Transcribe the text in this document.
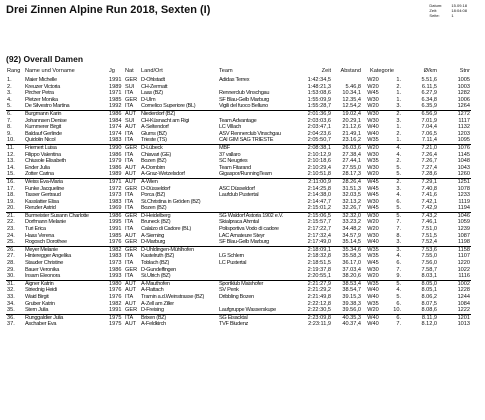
Drei Zinnen Alpine Run 2018, Sexten (I)	Datum:	15.09.18
Zeit:	18:04:08
Seite:	1
(92) Overall Damen
Rang	Name und Vorname	Jg	Nat	Land/Ort	Team	Zeit	Abstand	Kategorie		Ø/km	Stnr
1.	Maier Michelle	1991	GER	D-Ohlstadt	Adidas Terrex	1:42:34,5		W20	1.	5.51,6	1005
2.	Kreuzer Victoria	1989	SUI	CH-Zermatt		1:48:21,3	5.46,8	W20	2.	6.11,5	1003
3.	Pircher Petra	1971	ITA	Laas (BZ)	Rennerclub Vinschgau	1:53:08,6	10.34,1	W45	1.	6.27,9	1282
4.	Pletzer Monika	1985	GER	D-Ulm	SF Blau-Gelb Marburg	1:55:09,9	12.35,4	W30	1.	6.34,8	1006
5.	De Silvestro Martina	1992	ITA	Comelico Superiore (BL)	Vigili del fuoco Belluno	1:55:28,7	12.54,2	W20	3.	6.35,9	1264
6.	Burgmann Karin	1986	AUT	Niederdorf (BZ)		2:01:36,9	19.02,4	W30	2.	6.56,9	1272
7.	Johannsen Denise	1984	SUI	CH-Küsnacht am Rigi	Team Advantage	2:03:03,6	20.29,1	W30	3.	7.01,9	1117
8.	Kummerer Birgit	1974	AUT	A-Seltendorf	LC Villach	2:03:47,1	21.12,6	W40	1.	7.04,4	1132
9.	Baldauf Gerlinde	1974	ITA	Glurns (BZ)	ASV Rennerclub Vinschgau	2:04:23,6	21.49,1	W40	2.	7.06,5	1203
10.	Quidolin Nicol	1983	ITA	Trieste (TS)	CAI GIM SAG TRIESTE	2:05:50,7	23.16,2	W35	1.	7.11,4	1095
11.	Friemert Luisa	1990	GER	D-Lübeck	MBF	2:08:38,1	26.03,6	W20	4.	7.21,0	1076
12.	Filippo Valentina	1986	ITA	Chiavari (GE)	37 vallaro	2:10:12,9	27.38,4	W30	4.	7.26,4	1145
13.	Chiusole Elisabeth	1979	ITA	Bozen (BZ)	SC Neugries	2:10:18,6	27.44,1	W35	2.	7.26,7	1048
14.	Ender Julia	1986	AUT	A-Dornbirn	Team Fitarand	2:10:29,4	27.55,0	W30	5.	7.27,4	1043
15.	Zotter Carina	1989	AUT	A-Graz-Wetzelsdorf	Gigaspor/RunningTeam	2:10:51,8	28.17,3	W20	5.	7.28,6	1260
16.	Weiss Eva-Maria	1971	AUT	A-Wien		2:11:00,9	28.26,4	W45	2.	7.29,1	1251
17.	Funke Jacqueline	1972	GER	D-Düsseldorf	ASC Düsseldorf	2:14:25,8	31.51,3	W45	3.	7.40,8	1078
18.	Tasser Gertraud	1973	ITA	Porca (BZ)	Laufclub Pustertal	2:14:38,0	32.03,5	W45	4.	7.41,6	1233
19.	Kasslatter Elisa	1983	ITA	St.Christina in Gröden (BZ)		2:14:47,7	32.13,2	W30	6.	7.42,1	1119
20.	Renzler Astrid	1969	ITA	Bozen (BZ)		2:15:01,2	32.26,7	W45	5.	7.42,9	1194
21.	Burmeister Susann Charlotte	1986	GER	D-Heidelberg	SG Waldorf Astoria 1902 e.V.	2:15:06,5	32.32,0	W30	5.	7.43,2	1046
22.	Dorfmann Melanie	1995	ITA	Bruneck (BZ)	Skialpraca Ahrntal	2:15:57,7	33.23,2	W20	7.	7.46,1	1059
23.	Turi Erica	1991	ITA	Calalzo di Cadore (BL)	Polisportiva Vodo di cadore	2:17:22,7	34.48,2	W20	7.	7.51,0	1239
24.	Haas Verena	1985	AUT	A-Sierning	LAC Amateure Steyr	2:17:32,4	34.57,9	W30	8.	7.51,5	1087
25.	Rogosch Dorothee	1976	GER	D-Marburg	SF Blau-Gelb Marburg	2:17:49,0	35.14,5	W40	3.	7.52,4	1198
26.	Meyer Melanie	1982	GER	D-Uhldingen-Mühlhofen		2:18:09,1	35.34,6	W35	3.	7.53,6	1158
27.	Hinteregger Angelika	1983	ITA	Kastelruth (BZ)	LG Schlern	2:18:32,8	35.58,3	W35	4.	7.55,0	1107
28.	Stauder Christine	1973	ITA	Toblach (BZ)	LC Pustertal	2:18:51,5	36.17,0	W45	6.	7.56,0	1220
29.	Bauer Veronika	1986	GER	D-Gundelfingen		2:19:37,8	37.03,4	W30	7.	7.58,7	1022
30.	Insam Eleonora	1993	ITA	St.Ulrich (BZ)		2:20:55,1	38.20,6	W20	9.	8.03,1	1116
31.	Aigner Katrin	1980	AUT	A-Mauthofen	Sportklub Maishofer	2:21:27,9	38.53,4	W35	5.	8.05,0	1002
32.	Striednig Heidi	1976	AUT	A-Flattach	SV Penk	2:21:29,2	38.54,7	W40	4.	8.05,1	1228
33.	Waid Birgit	1976	ITA	Tramin a.d.Weinstrasse (BZ)	Dribbling Bozen	2:21:49,8	39.15,3	W40	5.	8.06,2	1244
34.	Gruber Katrin	1982	AUT	A-Zell am Ziller		2:22:12,8	39.38,3	W35	6.	8.07,5	1084
35.	Stern Julia	1991	GER	D-Freising	Laufgruppe Wasserskupe	2:22:30,5	39.56,0	W20	10.	8.08,6	1222
36.	Runggaldier Julia	1975	ITA	Brixen (BZ)	SG Eisacktal	2:23:09,8	40.35,3	W40	6.	8.11,9	1201
37.	Aschaber Eva	1975	AUT	A-Feldkirch	TVF Bludenz	2:23:11,9	40.37,4	W40	7.	8.12,0	1013
